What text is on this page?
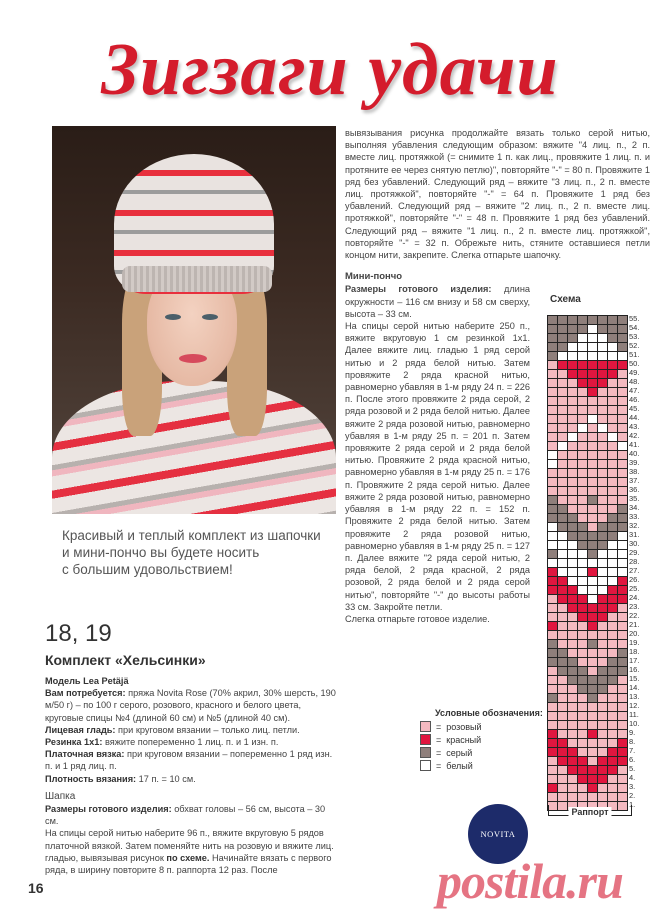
Зигзаги удачи
Красивый и теплый комплект из шапочки
и мини-пончо вы будете носить
с большим удовольствием!
18, 19
Комплект «Хельсинки»

Модель Lea Petäjä

Вам потребуется: пряжа Novita Rose (70% акрил, 30% шерсть, 190 м/50 г) – по 100 г серого, розового, красного и белого цвета, круговые спицы №4 (длиной 60 см) и №5 (длиной 40 см).

Лицевая гладь: при круговом вязании – только лиц. петли.

Резинка 1x1: вяжите попеременно 1 лиц. п. и 1 изн. п.

Платочная вязка: при круговом вязании – попеременно 1 ряд изн. п. и 1 ряд лиц. п.

Плотность вязания: 17 п. = 10 см.

Шапка

Размеры готового изделия: обхват головы – 56 см, высота – 30 см.

На спицы серой нитью наберите 96 п., вяжите вкруговую 5 рядов платочной вязкой. Затем поменяйте нить на розовую и вяжите лиц. гладью, вывязывая рисунок по схеме. Начинайте вязать с первого ряда, в ширину повторите 8 п. раппорта 12 раз. После

вывязывания рисунка продолжайте вязать только серой нитью, выполняя убавления следующим образом: вяжите "4 лиц. п., 2 п. вместе лиц. протяжкой (= снимите 1 п. как лиц., провяжите 1 лиц. п. и протяните ее через снятую петлю)", повторяйте "-" = 80 п. Провяжите 1 ряд без убавлений. Следующий ряд – вяжите "3 лиц. п., 2 п. вместе лиц. протяжкой", повторяйте "-" = 64 п. Провяжите 1 ряд без убавлений. Следующий ряд – вяжите "2 лиц. п., 2 п. вместе лиц. протяжкой", повторяйте "-" = 48 п. Провяжите 1 ряд без убавлений. Следующий ряд – вяжите "1 лиц. п., 2 п. вместе лиц. протяжкой", повторяйте "-" = 32 п. Обрежьте нить, стяните оставшиеся петли концом нити, закрепите. Слегка отпарьте шапочку.

Мини-пончо

Размеры готового изделия: длина окружности – 116 см внизу и 58 см сверху, высота – 33 см.

На спицы серой нитью наберите 250 п., вяжите вкруговую 1 см резинкой 1x1. Далее вяжите лиц. гладью 1 ряд серой нитью и 2 ряда белой нитью. Затем провяжите 2 ряда красной нитью, равномерно убавляя в 1-м ряду 24 п. = 226 п. После этого провяжите 2 ряда серой, 2 ряда розовой и 2 ряда белой нитью. Далее вяжите 2 ряда розовой нитью, равномерно убавляя в 1-м ряду 25 п. = 201 п. Затем провяжите 2 ряда серой и 2 ряда белой нитью. Провяжите 2 ряда красной нитью, равномерно убавляя в 1-м ряду 25 п. = 176 п. Провяжите 2 ряда серой нитью. Далее вяжите 2 ряда розовой нитью, равномерно убавляя в 1-м ряду 22 п. = 152 п. Провяжите 2 ряда белой нитью. Затем провяжите 2 ряда розовой нитью, равномерно убавляя в 1-м ряду 25 п. = 127 п. Далее вяжите "2 ряда серой нитью, 2 ряда белой, 2 ряда красной, 2 ряда розовой, 2 ряда белой и 2 ряда серой нитью", повторяйте "-" до высоты работы 33 см. Закройте петли.

Слегка отпарьте готовое изделие.

Схема
55.
54.
53.
52.
51.
50.
49.
48.
47.
46.
45.
44.
43.
42.
41.
40.
39.
38.
37.
36.
35.
34.
33.
32.
31.
30.
29.
28.
27.
26.
25.
24.
23.
22.
21.
20.
19.
18.
17.
16.
15.
14.
13.
12.
11.
10.
9.
8.
7.
6.
5.
4.
3.
2.
1.
Раппорт
Условные обозначения:
= розовый
= красный
= серый
= белый
NOVITA
postila.ru
16
